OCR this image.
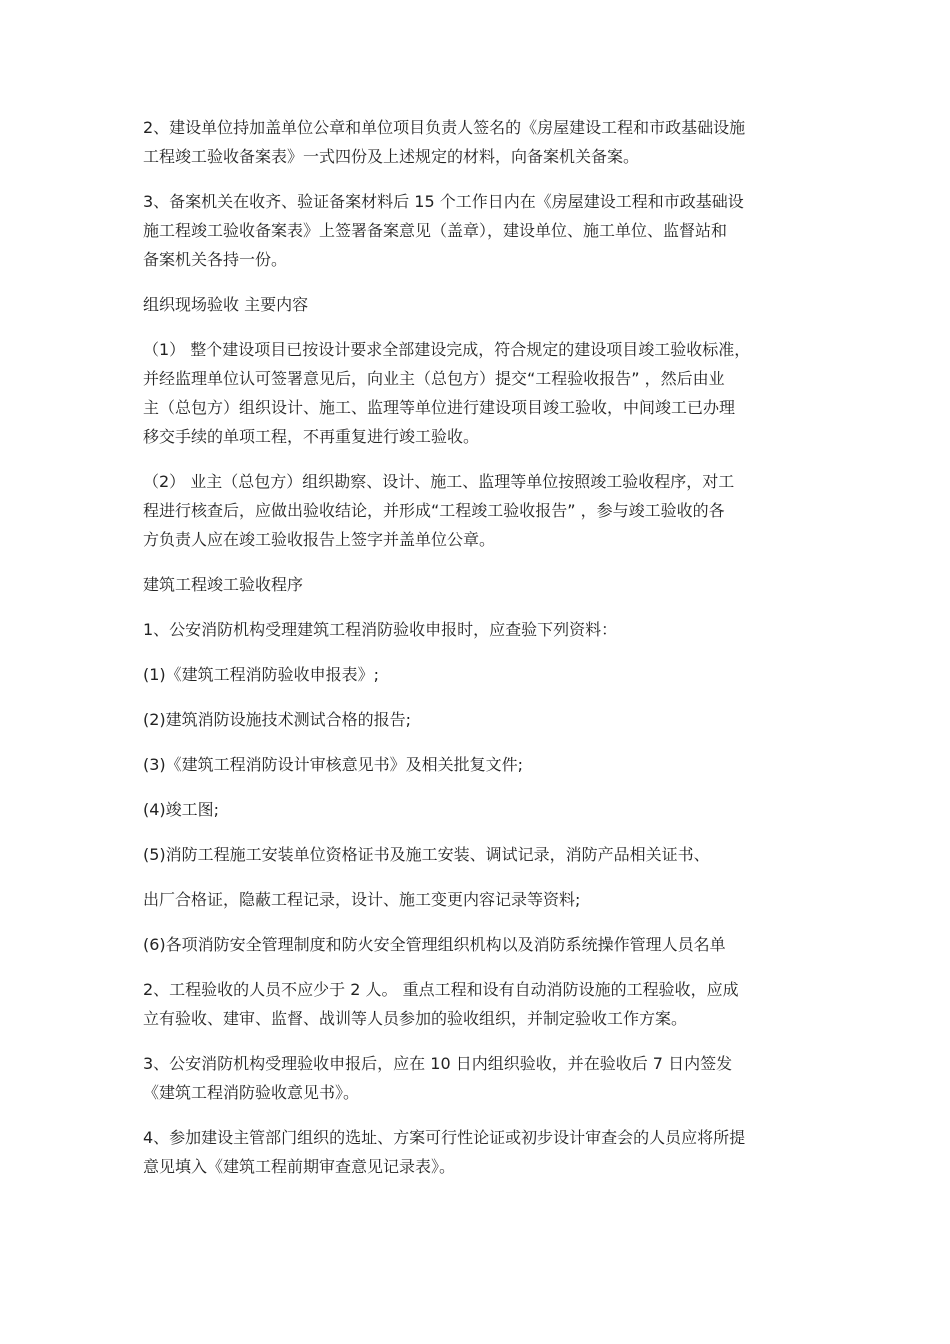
2、建设单位持加盖单位公章和单位项目负责人签名的《房屋建设工程和市政基础设施
工程竣工验收备案表》一式四份及上述规定的材料，向备案机关备案。

3、备案机关在收齐、验证备案材料后 15 个工作日内在《房屋建设工程和市政基础设
施工程竣工验收备案表》上签署备案意见（盖章），建设单位、施工单位、监督站和
备案机关各持一份。

组织现场验收 主要内容

（1） 整个建设项目已按设计要求全部建设完成，符合规定的建设项目竣工验收标准，
并经监理单位认可签署意见后，向业主（总包方）提交“工程验收报告” ，然后由业
主（总包方）组织设计、施工、监理等单位进行建设项目竣工验收，中间竣工已办理
移交手续的单项工程，不再重复进行竣工验收。

（2） 业主（总包方）组织勘察、设计、施工、监理等单位按照竣工验收程序，对工
程进行核查后，应做出验收结论，并形成“工程竣工验收报告” ，参与竣工验收的各
方负责人应在竣工验收报告上签字并盖单位公章。

建筑工程竣工验收程序

1、公安消防机构受理建筑工程消防验收申报时，应查验下列资料：

(1)《建筑工程消防验收申报表》;

(2)建筑消防设施技术测试合格的报告;

(3)《建筑工程消防设计审核意见书》及相关批复文件;

(4)竣工图;

(5)消防工程施工安装单位资格证书及施工安装、调试记录，消防产品相关证书、

出厂合格证，隐蔽工程记录，设计、施工变更内容记录等资料;

(6)各项消防安全管理制度和防火安全管理组织机构以及消防系统操作管理人员名单

2、工程验收的人员不应少于 2 人。 重点工程和设有自动消防设施的工程验收，应成
立有验收、建审、监督、战训等人员参加的验收组织，并制定验收工作方案。

3、公安消防机构受理验收申报后，应在 10 日内组织验收，并在验收后 7 日内签发
《建筑工程消防验收意见书》。

4、参加建设主管部门组织的选址、方案可行性论证或初步设计审查会的人员应将所提
意见填入《建筑工程前期审查意见记录表》。
